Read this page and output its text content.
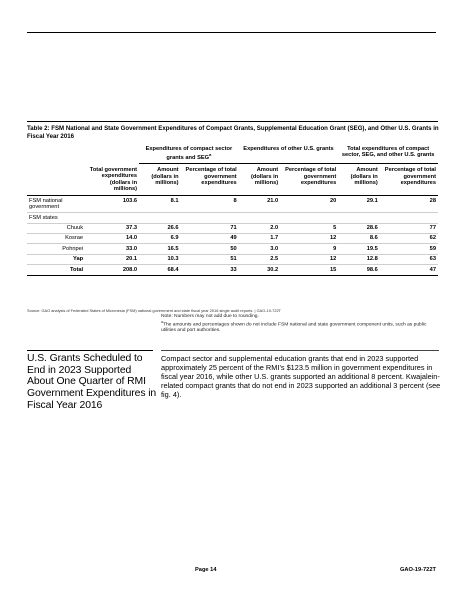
Table 2: FSM National and State Government Expenditures of Compact Grants, Supplemental Education Grant (SEG), and Other U.S. Grants in Fiscal Year 2016
		Expenditures of compact sector grants and SEG$^a$		Expenditures of other U.S. grants		Total expenditures of compact sector, SEG, and other U.S. grants	
	Total government expenditures (dollars in millions)	Amount (dollars in millions)	Percentage of total government expenditures	Amount (dollars in millions)	Percentage of total government expenditures	Amount (dollars in millions)	Percentage of total government expenditures
FSM national government	103.6	8.1	8	21.0	20	29.1	28
FSM states							
Chuuk	37.3	26.6	71	2.0	5	28.6	77
Kosrae	14.0	6.9	49	1.7	12	8.6	62
Pohnpei	33.0	16.5	50	3.0	9	19.5	59
Yap	20.1	10.3	51	2.5	12	12.8	63
Total	208.0	68.4	33	30.2	15	98.6	47
Source: GAO analysis of Federated States of Micronesia (FSM) national government and state fiscal year 2016 single audit reports. | GAO-19-722T

Note: Numbers may not add due to rounding.

$^a$The amounts and percentages shown do not include FSM national and state government component units, such as public utilities and port authorities.

U.S. Grants Scheduled to End in 2023 Supported About One Quarter of RMI Government Expenditures in Fiscal Year 2016
Compact sector and supplemental education grants that end in 2023 supported approximately 25 percent of the RMI’s $123.5 million in government expenditures in fiscal year 2016, while other U.S. grants supported an additional 8 percent. Kwajalein-related compact grants that do not end in 2023 supported an additional 3 percent (see fig. 4).
Page 14	GAO-19-722T
